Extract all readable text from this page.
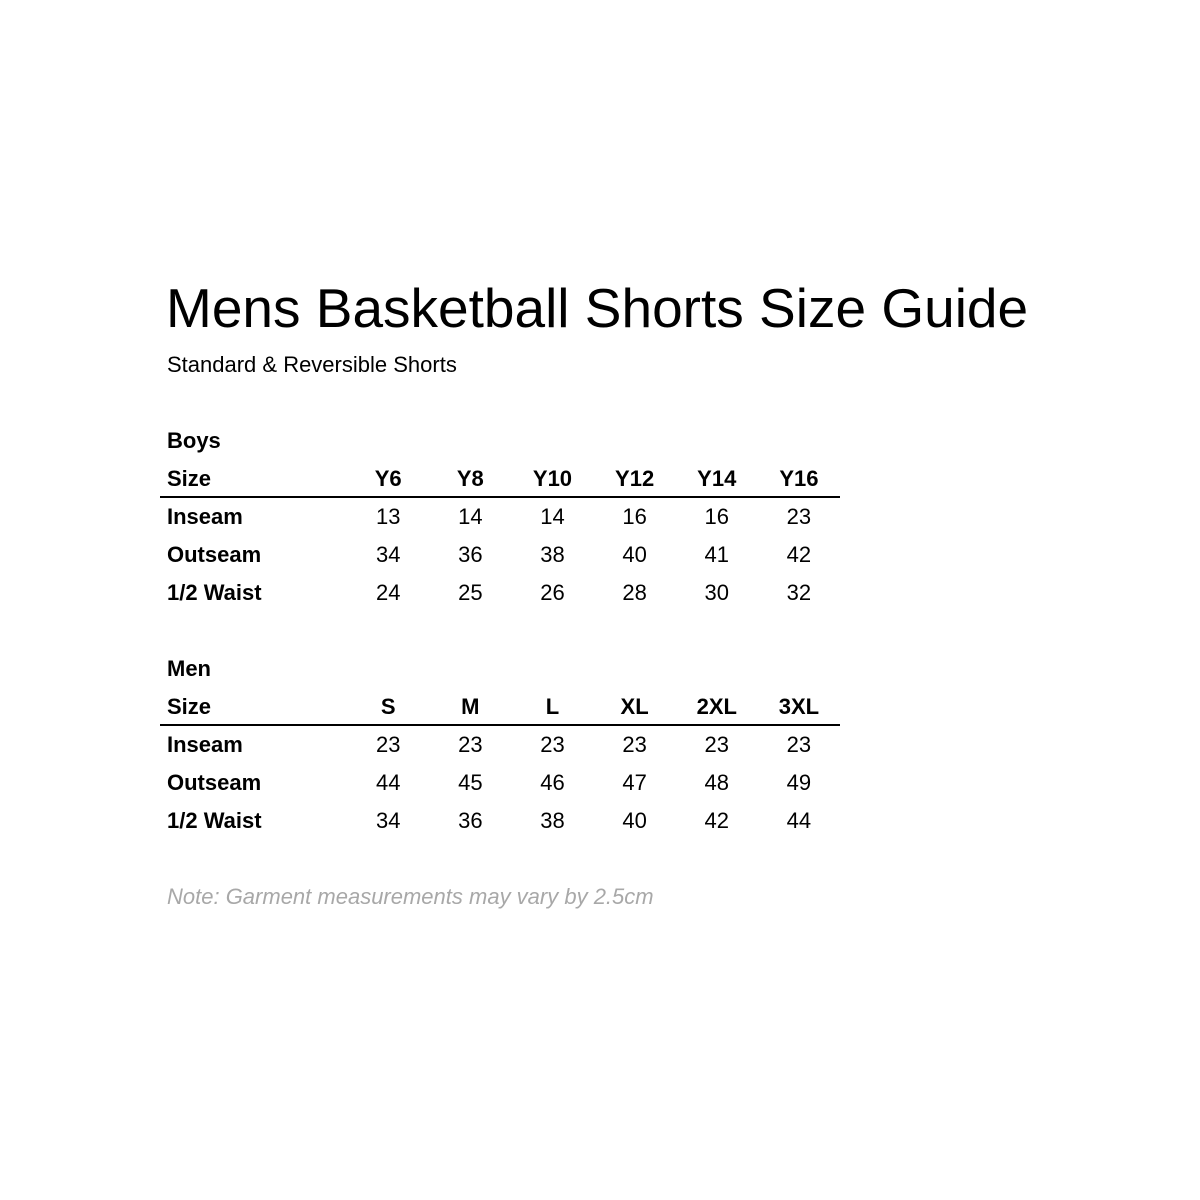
Mens Basketball Shorts Size Guide
Standard & Reversible Shorts
Boys
Size	Y6	Y8	Y10	Y12	Y14	Y16
Inseam	13	14	14	16	16	23
Outseam	34	36	38	40	41	42
1/2 Waist	24	25	26	28	30	32
Men
Size	S	M	L	XL	2XL	3XL
Inseam	23	23	23	23	23	23
Outseam	44	45	46	47	48	49
1/2 Waist	34	36	38	40	42	44
Note: Garment measurements may vary by 2.5cm
